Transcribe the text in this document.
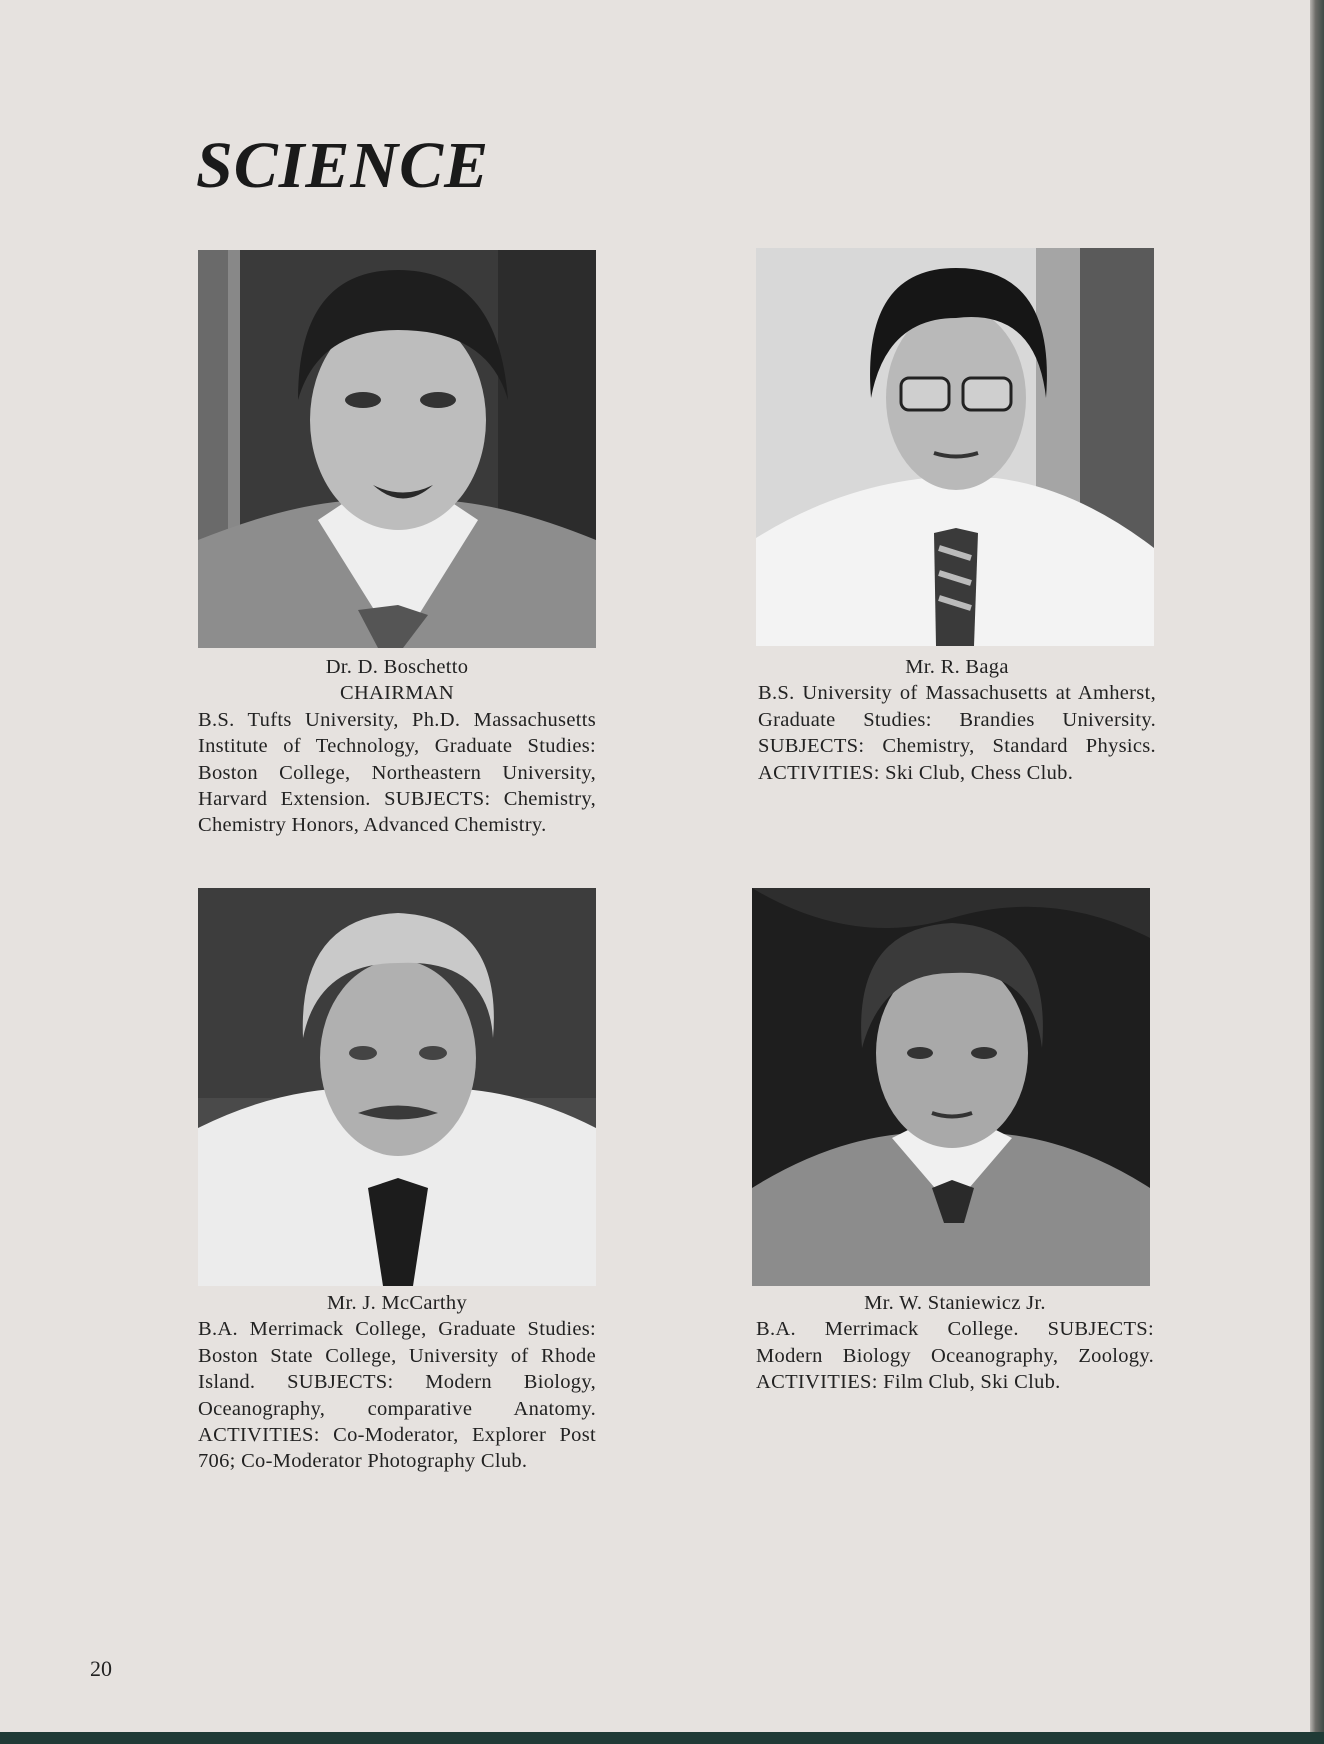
SCIENCE
Dr. D. Boschetto
CHAIRMAN
B.S. Tufts University, Ph.D. Massachusetts Institute of Technology, Graduate Studies: Boston College, Northeastern University, Harvard Extension. SUBJECTS: Chemistry, Chemistry Honors, Advanced Chemistry.
Mr. R. Baga
B.S. University of Massachusetts at Amherst, Graduate Studies: Brandies University. SUBJECTS: Chemistry, Standard Physics. ACTIVITIES: Ski Club, Chess Club.
Mr. J. McCarthy
B.A. Merrimack College, Graduate Studies: Boston State College, University of Rhode Island. SUBJECTS: Modern Biology, Oceanography, comparative Anatomy. ACTIVITIES: Co-Moderator, Explorer Post 706; Co-Moderator Photography Club.
Mr. W. Staniewicz Jr.
B.A. Merrimack College. SUBJECTS: Modern Biology Oceanography, Zoology. ACTIVITIES: Film Club, Ski Club.
20
